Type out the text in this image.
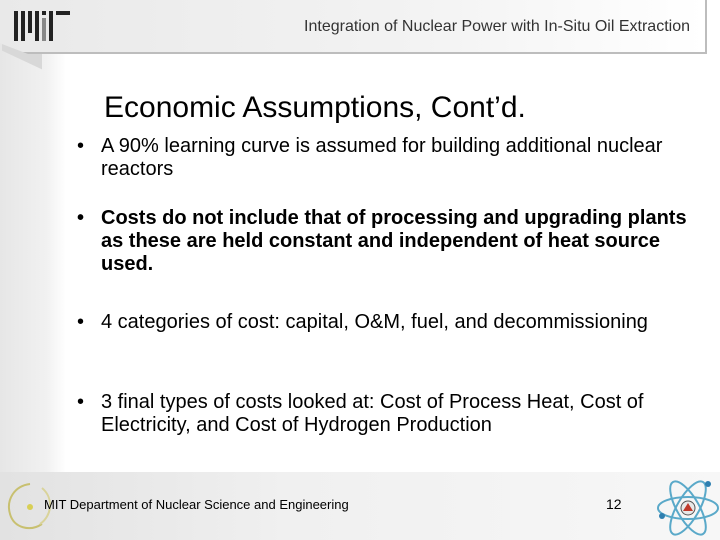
Integration of Nuclear Power with In-Situ Oil Extraction
Economic Assumptions, Cont’d.
• A 90% learning curve is assumed for building additional nuclear reactors
• Costs do not include that of processing and upgrading plants as these are held constant and independent of heat source used.
• 4 categories of cost: capital, O&M, fuel, and decommissioning
• 3 final types of costs looked at: Cost of Process Heat, Cost of Electricity, and Cost of Hydrogen Production
MIT Department of Nuclear Science and Engineering	12
